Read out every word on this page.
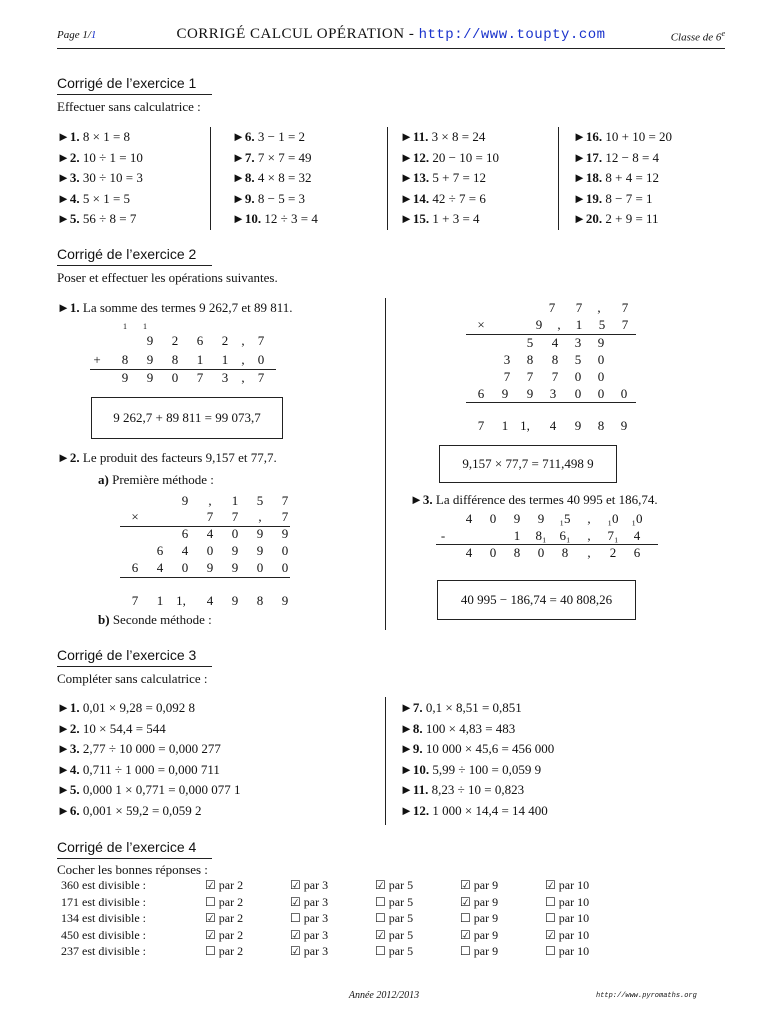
Page 1/1	CORRIGÉ CALCUL OPÉRATION - http://www.toupty.com	Classe de 6e
Corrigé de l’exercice 1
Effectuer sans calculatrice :
►1. 8 × 1 = 8
►2. 10 ÷ 1 = 10
►3. 30 ÷ 10 = 3
►4. 5 × 1 = 5
►5. 56 ÷ 8 = 7
►6. 3 − 1 = 2
►7. 7 × 7 = 49
►8. 4 × 8 = 32
►9. 8 − 5 = 3
►10. 12 ÷ 3 = 4
►11. 3 × 8 = 24
►12. 20 − 10 = 10
►13. 5 + 7 = 12
►14. 42 ÷ 7 = 6
►15. 1 + 3 = 4
►16. 10 + 10 = 20
►17. 12 − 8 = 4
►18. 8 + 4 = 12
►19. 8 − 7 = 1
►20. 2 + 9 = 11
Corrigé de l’exercice 2
Poser et effectuer les opérations suivantes.
►1. La somme des termes 9 262,7 et 89 811.
1	1
9 2 6 2	,	7
+ 8 9 8 1 1	,	0
9 9 0 7 3	,	7
9 262,7 + 89 811 = 99 073,7
7 7	,	7
×	9	,	1 5 7
5 4 3 9
3 8 8 5 0
7 7 7 0 0
6 9 9 3 0 0 0
7 1 1, 4 9 8 9
9,157 × 77,7 = 711,498 9
►2. Le produit des facteurs 9,157 et 77,7.
a) Première méthode :
9	,	1 5 7
×	7 7	,	7
6 4 0 9 9
6 4 0 9 9 0
6 4 0 9 9 0 0
7 1 1, 4 9 8 9
b) Seconde méthode :
►3. La différence des termes 40 995 et 186,74.
4 0 9 9 ₁5	,	₁0 ₁0
-	1 8₁ 6₁	,	7₁ 4
4 0 8 0 8	,	2 6
40 995 − 186,74 = 40 808,26
Corrigé de l’exercice 3
Compléter sans calculatrice :
►1. 0,01 × 9,28 = 0,092 8
►2. 10 × 54,4 = 544
►3. 2,77 ÷ 10 000 = 0,000 277
►4. 0,711 ÷ 1 000 = 0,000 711
►5. 0,000 1 × 0,771 = 0,000 077 1
►6. 0,001 × 59,2 = 0,059 2
►7. 0,1 × 8,51 = 0,851
►8. 100 × 4,83 = 483
►9. 10 000 × 45,6 = 456 000
►10. 5,99 ÷ 100 = 0,059 9
►11. 8,23 ÷ 10 = 0,823
►12. 1 000 × 14,4 = 14 400
Corrigé de l’exercice 4
Cocher les bonnes réponses :
360 est divisible :	☑ par 2	☑ par 3	☑ par 5	☑ par 9	☑ par 10
171 est divisible :	☐ par 2	☑ par 3	☐ par 5	☑ par 9	☐ par 10
134 est divisible :	☑ par 2	☐ par 3	☐ par 5	☐ par 9	☐ par 10
450 est divisible :	☑ par 2	☑ par 3	☑ par 5	☑ par 9	☑ par 10
237 est divisible :	☐ par 2	☑ par 3	☐ par 5	☐ par 9	☐ par 10
Année 2012/2013	http://www.pyromaths.org
